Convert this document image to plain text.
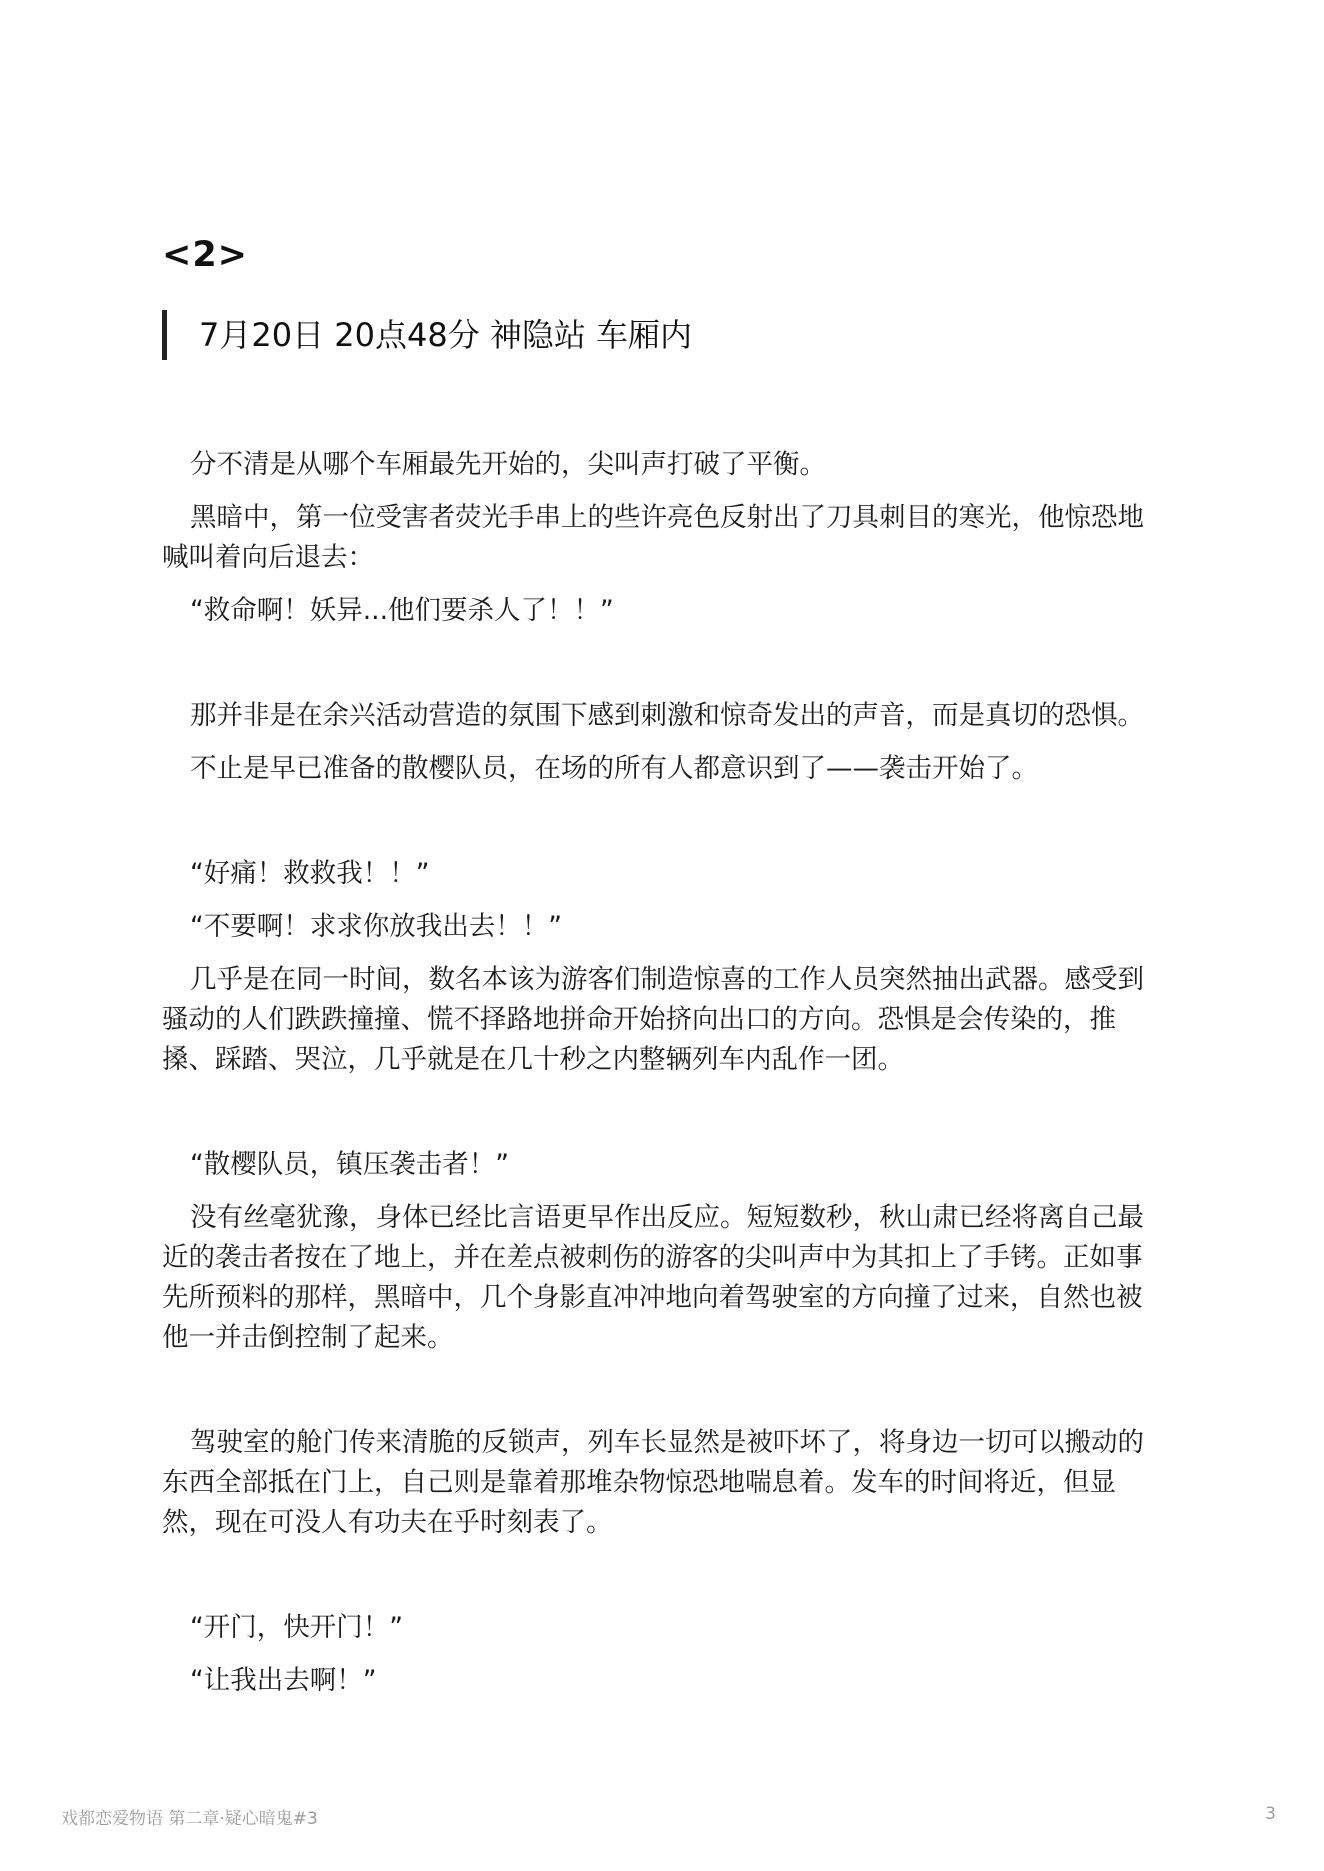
<2>
7月20日 20点48分 神隐站 车厢内

分不清是从哪个车厢最先开始的，尖叫声打破了平衡。

黑暗中，第一位受害者荧光手串上的些许亮色反射出了刀具刺目的寒光，他惊恐地喊叫着向后退去：

“救命啊！妖异...他们要杀人了！！”

那并非是在余兴活动营造的氛围下感到刺激和惊奇发出的声音，而是真切的恐惧。

不止是早已准备的散樱队员，在场的所有人都意识到了——袭击开始了。

“好痛！救救我！！”

“不要啊！求求你放我出去！！”

几乎是在同一时间，数名本该为游客们制造惊喜的工作人员突然抽出武器。感受到骚动的人们跌跌撞撞、慌不择路地拼命开始挤向出口的方向。恐惧是会传染的，推搡、踩踏、哭泣，几乎就是在几十秒之内整辆列车内乱作一团。

“散樱队员，镇压袭击者！”

没有丝毫犹豫，身体已经比言语更早作出反应。短短数秒，秋山肃已经将离自己最近的袭击者按在了地上，并在差点被刺伤的游客的尖叫声中为其扣上了手铐。正如事先所预料的那样，黑暗中，几个身影直冲冲地向着驾驶室的方向撞了过来，自然也被他一并击倒控制了起来。

驾驶室的舱门传来清脆的反锁声，列车长显然是被吓坏了，将身边一切可以搬动的东西全部抵在门上，自己则是靠着那堆杂物惊恐地喘息着。发车的时间将近，但显然，现在可没人有功夫在乎时刻表了。

“开门，快开门！”

“让我出去啊！”

戏都恋爱物语 第二章·疑心暗鬼#3	3
